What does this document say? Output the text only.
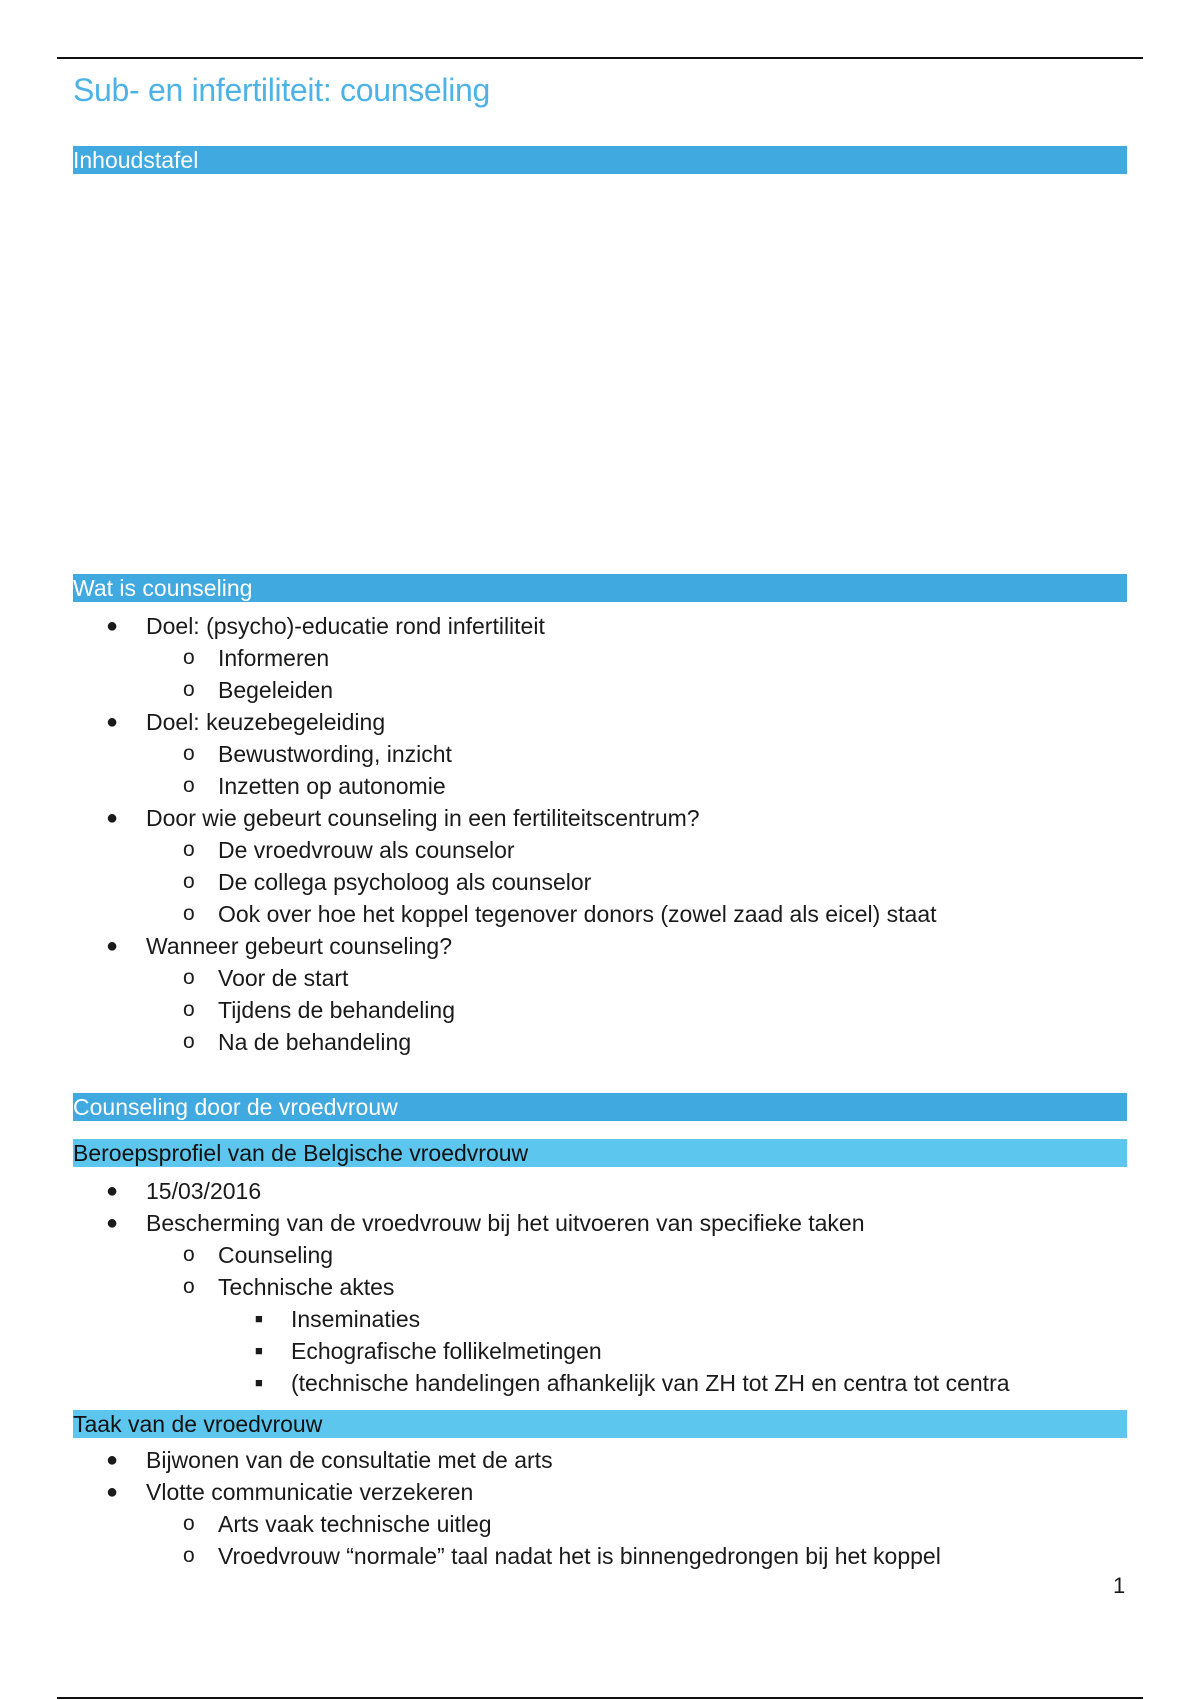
Sub- en infertiliteit: counseling
Inhoudstafel
Wat is counseling
● Doel: (psycho)-educatie rond infertiliteit
o Informeren
o Begeleiden
● Doel: keuzebegeleiding
o Bewustwording, inzicht
o Inzetten op autonomie
● Door wie gebeurt counseling in een fertiliteitscentrum?
o De vroedvrouw als counselor
o De collega psycholoog als counselor
o Ook over hoe het koppel tegenover donors (zowel zaad als eicel) staat
● Wanneer gebeurt counseling?
o Voor de start
o Tijdens de behandeling
o Na de behandeling
Counseling door de vroedvrouw
Beroepsprofiel van de Belgische vroedvrouw
● 15/03/2016
● Bescherming van de vroedvrouw bij het uitvoeren van specifieke taken
o Counseling
o Technische aktes
■ Inseminaties
■ Echografische follikelmetingen
■ (technische handelingen afhankelijk van ZH tot ZH en centra tot centra
Taak van de vroedvrouw
● Bijwonen van de consultatie met de arts
● Vlotte communicatie verzekeren
o Arts vaak technische uitleg
o Vroedvrouw “normale” taal nadat het is binnengedrongen bij het koppel
1
